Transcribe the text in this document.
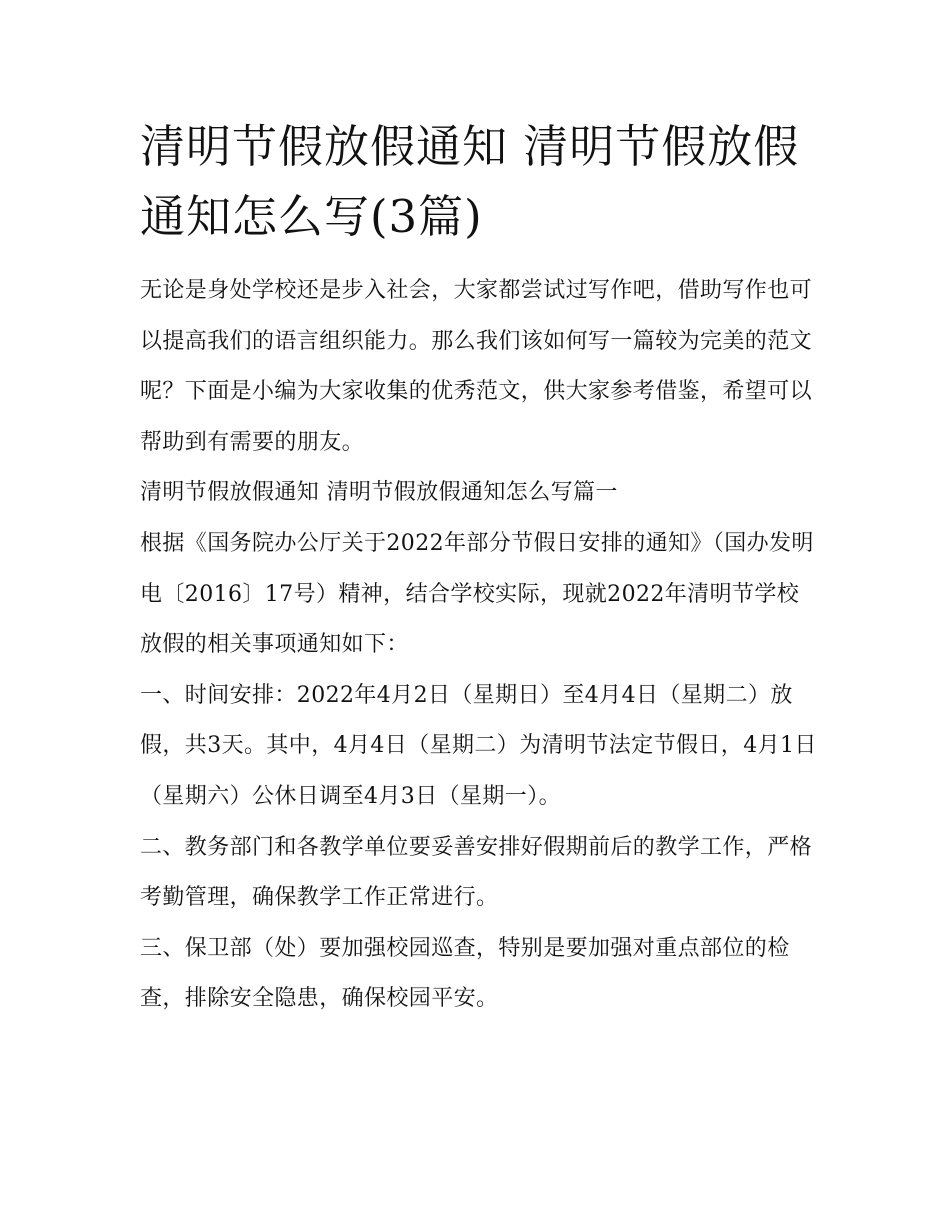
清明节假放假通知 清明节假放假通知怎么写(3篇)

无论是身处学校还是步入社会，大家都尝试过写作吧，借助写作也可以提高我们的语言组织能力。那么我们该如何写一篇较为完美的范文呢？下面是小编为大家收集的优秀范文，供大家参考借鉴，希望可以帮助到有需要的朋友。

清明节假放假通知 清明节假放假通知怎么写篇一

根据《国务院办公厅关于2022年部分节假日安排的通知》（国办发明电〔2016〕17号）精神，结合学校实际，现就2022年清明节学校放假的相关事项通知如下：

一、时间安排：2022年4月2日（星期日）至4月4日（星期二）放假，共3天。其中，4月4日（星期二）为清明节法定节假日，4月1日（星期六）公休日调至4月3日（星期一）。

二、教务部门和各教学单位要妥善安排好假期前后的教学工作，严格考勤管理，确保教学工作正常进行。

三、保卫部（处）要加强校园巡查，特别是要加强对重点部位的检查，排除安全隐患，确保校园平安。
